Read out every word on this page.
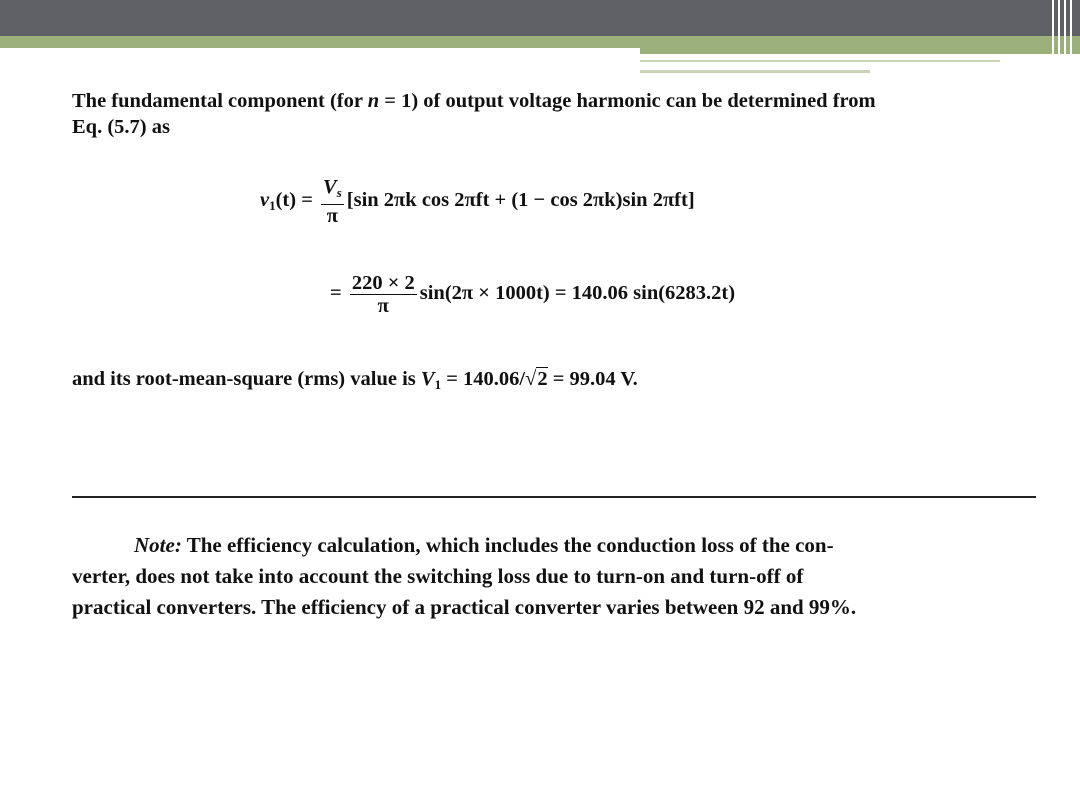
The fundamental component (for n = 1) of output voltage harmonic can be determined from
Eq. (5.7) as
$v_1(t) = \frac{V_s}{\pi} [\sin$ 2πk cos 2πft + (1 − cos 2πk)sin 2πft]
= $\frac{220 \times 2}{\pi} \sin(2\pi \times 1000t) = 140.06$ sin(6283.2t)
and its root-mean-square (rms) value is $V_1 = 140.06/√2 = 99.04$ V.
Note: The efficiency calculation, which includes the conduction loss of the con-
verter, does not take into account the switching loss due to turn-on and turn-off of
practical converters. The efficiency of a practical converter varies between 92 and 99%.
